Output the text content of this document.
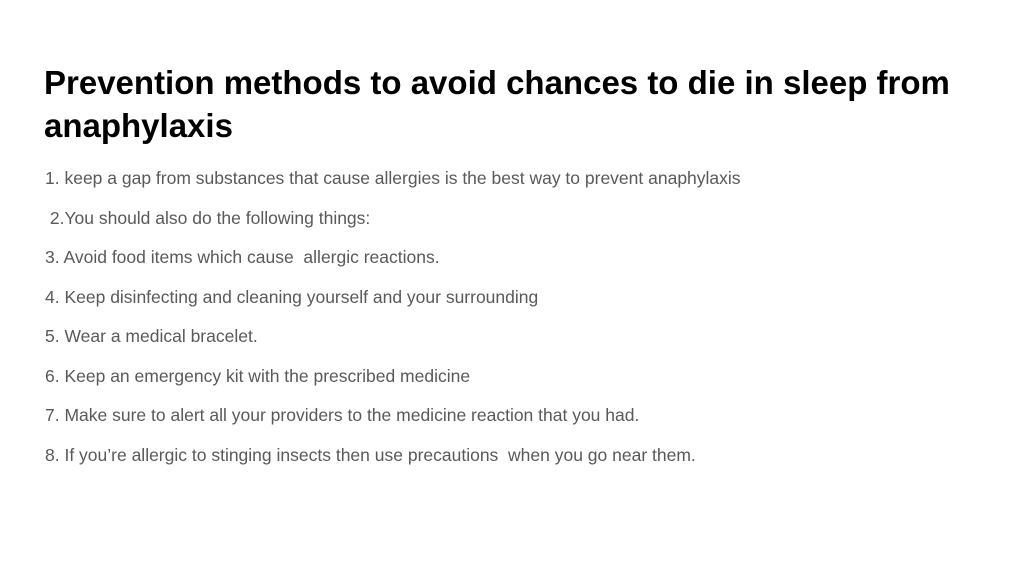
Prevention methods to avoid chances to die in sleep from anaphylaxis
1. keep a gap from substances that cause allergies is the best way to prevent anaphylaxis
2.You should also do the following things:
3. Avoid food items which cause  allergic reactions.
4. Keep disinfecting and cleaning yourself and your surrounding
5. Wear a medical bracelet.
6. Keep an emergency kit with the prescribed medicine
7. Make sure to alert all your providers to the medicine reaction that you had.
8. If you’re allergic to stinging insects then use precautions  when you go near them.
